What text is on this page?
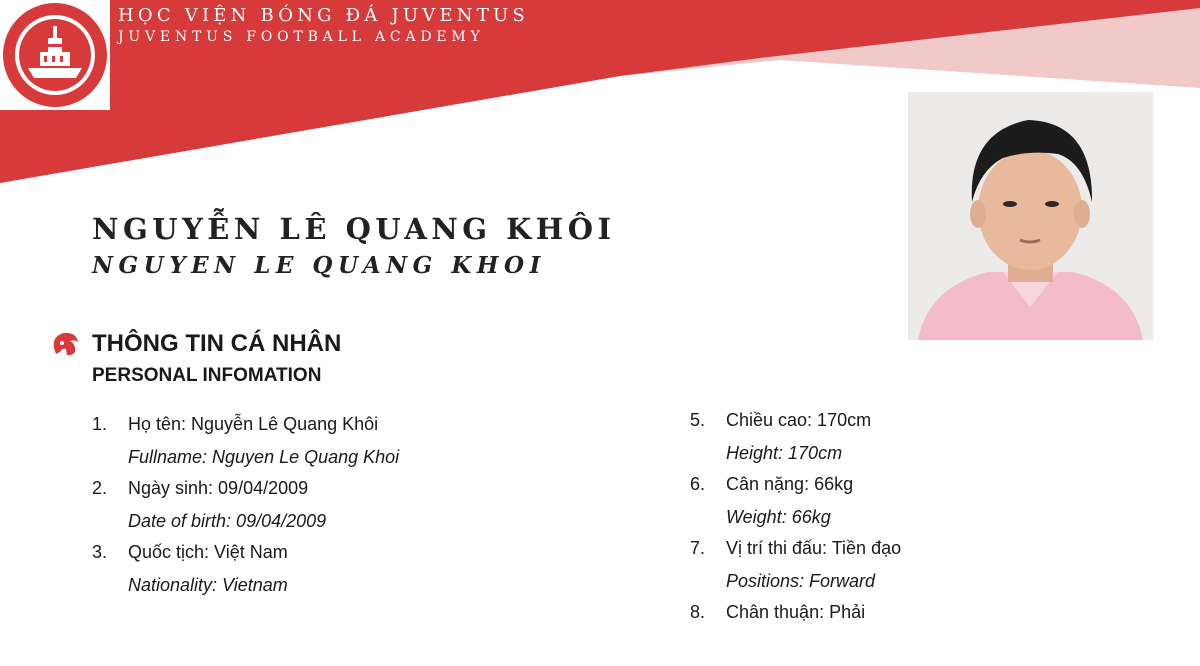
HỌC VIỆN BÓNG ĐÁ JUVENTUS
JUVENTUS FOOTBALL ACADEMY
NGUYỄN LÊ QUANG KHÔI
NGUYEN LE QUANG KHOI
THÔNG TIN CÁ NHÂN
PERSONAL INFOMATION
1. Họ tên: Nguyễn Lê Quang Khôi
Fullname: Nguyen Le Quang Khoi
2. Ngày sinh: 09/04/2009
Date of birth: 09/04/2009
3. Quốc tịch: Việt Nam
Nationality: Vietnam
5. Chiều cao: 170cm
Height: 170cm
6. Cân nặng: 66kg
Weight: 66kg
7. Vị trí thi đấu: Tiền đạo
Positions: Forward
8. Chân thuận: Phải
